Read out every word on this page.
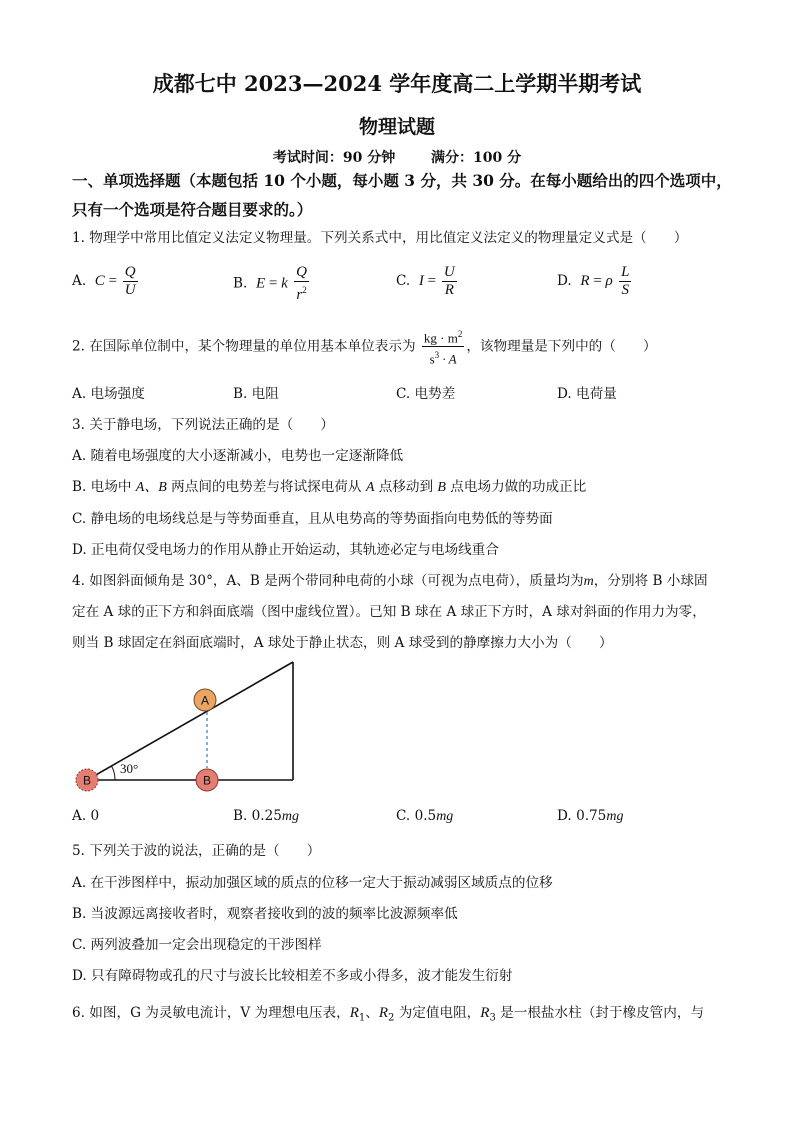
成都七中 2023—2024 学年度高二上学期半期考试
物理试题
考试时间：90 分钟	满分：100 分
一、单项选择题（本题包括 10 个小题，每小题 3 分，共 30 分。在每小题给出的四个选项中，只有一个选项是符合题目要求的。）
1. 物理学中常用比值定义法定义物理量。下列关系式中，用比值定义法定义的物理量定义式是（　　）
A. $C = \frac{Q}{U}$	B. E = k $\frac{Q}{r^2}$	C. $I = \frac{U}{R}$	D. R = ρ $\frac{L}{S}$
2. 在国际单位制中，某个物理量的单位用基本单位表示为 $\frac{kg \cdot m^2}{s^3 \cdot A}$ ，该物理量是下列中的（　　）
A. 电场强度	B. 电阻	C. 电势差	D. 电荷量
3. 关于静电场，下列说法正确的是（　　）
A. 随着电场强度的大小逐渐减小，电势也一定逐渐降低
B. 电场中 A、B 两点间的电势差与将试探电荷从 A 点移动到 B 点电场力做的功成正比
C. 静电场的电场线总是与等势面垂直，且从电势高的等势面指向电势低的等势面
D. 正电荷仅受电场力的作用从静止开始运动，其轨迹必定与电场线重合
4. 如图斜面倾角是 30°，A、B 是两个带同种电荷的小球（可视为点电荷），质量均为m，分别将 B 小球固
定在 A 球的正下方和斜面底端（图中虚线位置）。已知 B 球在 A 球正下方时，A 球对斜面的作用力为零，
则当 B 球固定在斜面底端时，A 球处于静止状态，则 A 球受到的静摩擦力大小为（　　）
30°
A
B	B
A. 0	B. 0.25mg	C. 0.5mg	D. 0.75mg
5. 下列关于波的说法，正确的是（　　）
A. 在干涉图样中，振动加强区域的质点的位移一定大于振动减弱区域质点的位移
B. 当波源远离接收者时，观察者接收到的波的频率比波源频率低
C. 两列波叠加一定会出现稳定的干涉图样
D. 只有障碍物或孔的尺寸与波长比较相差不多或小得多，波才能发生衍射
6. 如图，G 为灵敏电流计，V 为理想电压表，$R_1$、$R_2$ 为定值电阻，$R_3$ 是一根盐水柱（封于橡皮管内，与
